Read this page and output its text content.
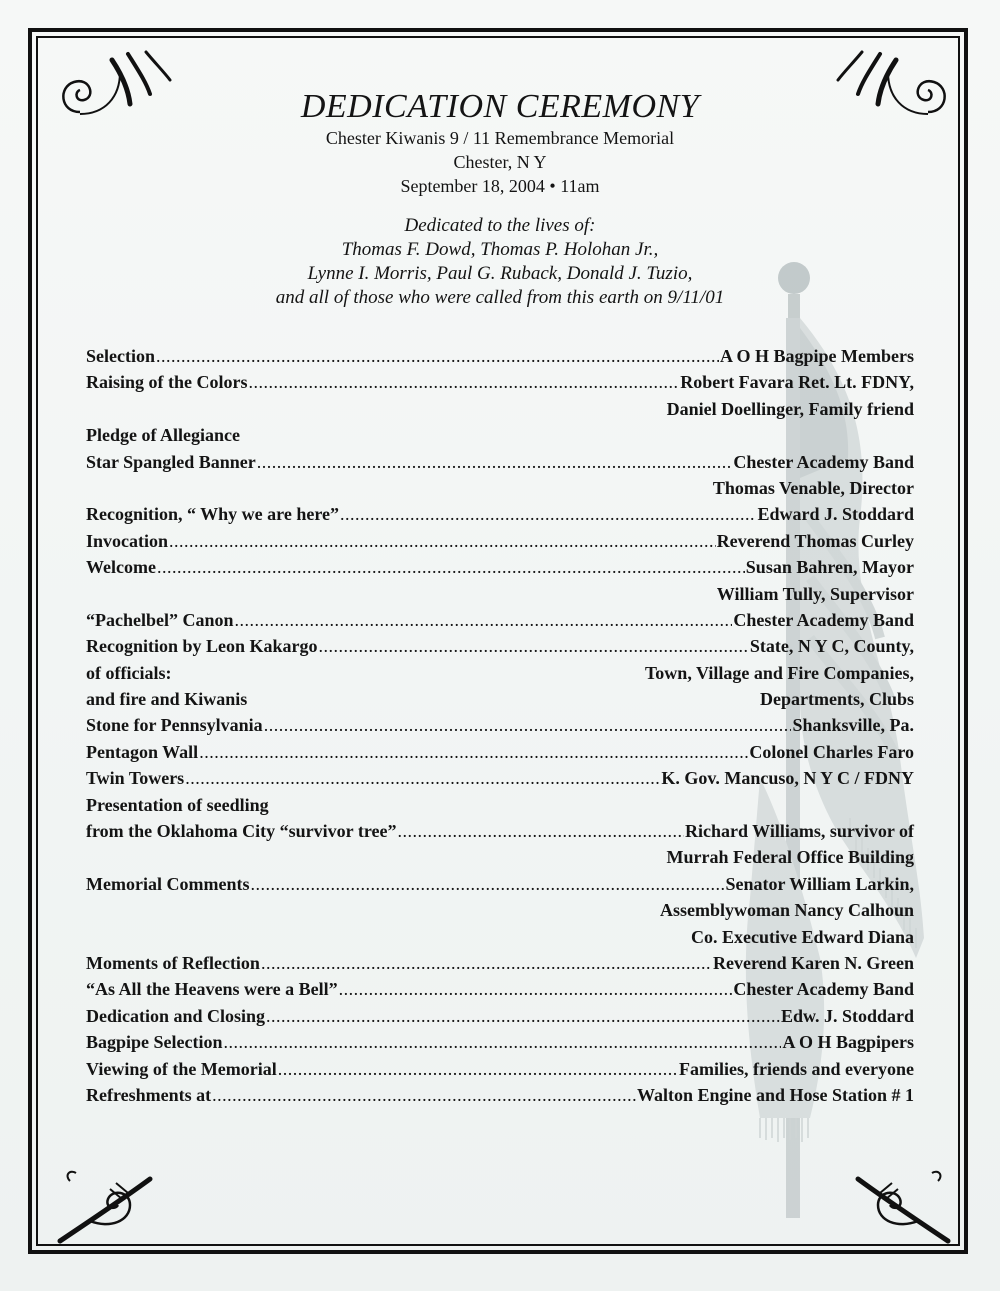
DEDICATION CEREMONY

Chester Kiwanis 9 / 11 Remembrance Memorial

Chester, N Y

September 18, 2004 • 11am

Dedicated to the lives of:

Thomas F. Dowd, Thomas P. Holohan Jr.,

Lynne I. Morris, Paul G. Ruback, Donald J. Tuzio,

and all of those who were called from this earth on 9/11/01

Selection .....	A O H Bagpipe Members
Raising of the Colors .....	Robert Favara Ret. Lt. FDNY,
Daniel Doellinger, Family friend
Pledge of Allegiance
Star Spangled Banner .....	Chester Academy Band
Thomas Venable, Director
Recognition, “ Why we are here” .....	Edward J. Stoddard
Invocation .....	Reverend Thomas Curley
Welcome .....	Susan Bahren, Mayor
William Tully, Supervisor
“Pachelbel” Canon .....	Chester Academy Band
Recognition by Leon Kakargo .....	State, N Y C, County,
of officials:	Town, Village and Fire Companies,
and fire and Kiwanis	Departments, Clubs
Stone for Pennsylvania .....	Shanksville, Pa.
Pentagon Wall .....	Colonel Charles Faro
Twin Towers .....	K. Gov. Mancuso, N Y C / FDNY
Presentation of seedling
from the Oklahoma City “survivor tree” .....	Richard Williams, survivor of
Murrah Federal Office Building
Memorial Comments .....	Senator William Larkin,
Assemblywoman Nancy Calhoun
Co. Executive Edward Diana
Moments of Reflection .....	Reverend Karen N. Green
“As All the Heavens were a Bell” .....	Chester Academy Band
Dedication and Closing .....	Edw. J. Stoddard
Bagpipe Selection .....	A O H Bagpipers
Viewing of the Memorial .....	Families, friends and everyone
Refreshments at .....	Walton Engine and Hose Station # 1
